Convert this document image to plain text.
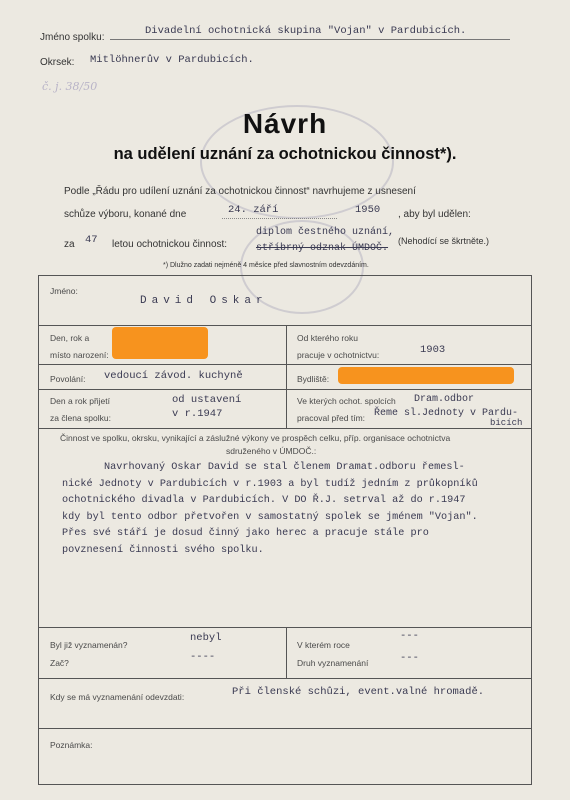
Jméno spolku:
Divadelní ochotnická skupina "Vojan" v Pardubicích.
Okrsek: Mitlöhnerův v Pardubicích.
č. j. 38/50
Návrh
na udělení uznání za ochotnickou činnost*).
Podle „Řádu pro udílení uznání za ochotnickou činnost“ navrhujeme z usnesení
schůze výboru, konané dne	24. září	1950 , aby byl udělen:
za 47 letou ochotnickou činnost:
diplom čestného uznání,
stříbrný odznak ÚMDOČ.
(Nehodící se škrtněte.)
*) Dlužno zadati nejméně 4 měsíce před slavnostním odevzdáním.
Jméno:
David Oskar
Den, rok a
místo narození:
Od kterého roku
pracuje v ochotnictvu:	1903
Povolání: vedoucí závod. kuchyně	Bydliště:
Den a rok přijetí
za člena spolku:
od ustavení
v r.1947
Ve kterých ochot. spolcích
pracoval před tím:
Dram.odbor
Řeme sl.Jednoty v Pardu-
bicích
Činnost ve spolku, okrsku, vynikající a záslužné výkony ve prospěch celku, příp. organisace ochotnictva
sdruženého v ÚMDOČ.:
Navrhovaný Oskar David se stal členem Dramat.odboru řemesl-
nické Jednoty v Pardubicích v r.1903 a byl tudíž jedním z průkopníků
ochotnického divadla v Pardubicích. V DO Ř.J. setrval až do r.1947
kdy byl tento odbor přetvořen v samostatný spolek se jménem "Vojan".
Přes své stáří je dosud činný jako herec a pracuje stále pro
povznesení činnosti svého spolku.
Byl již vyznamenán?
nebyl
Zač?	----
V kterém roce
---
Druh vyznamenání	---
Kdy se má vyznamenání odevzdati:	Při členské schůzi, event.valné hromadě.
Poznámka:
